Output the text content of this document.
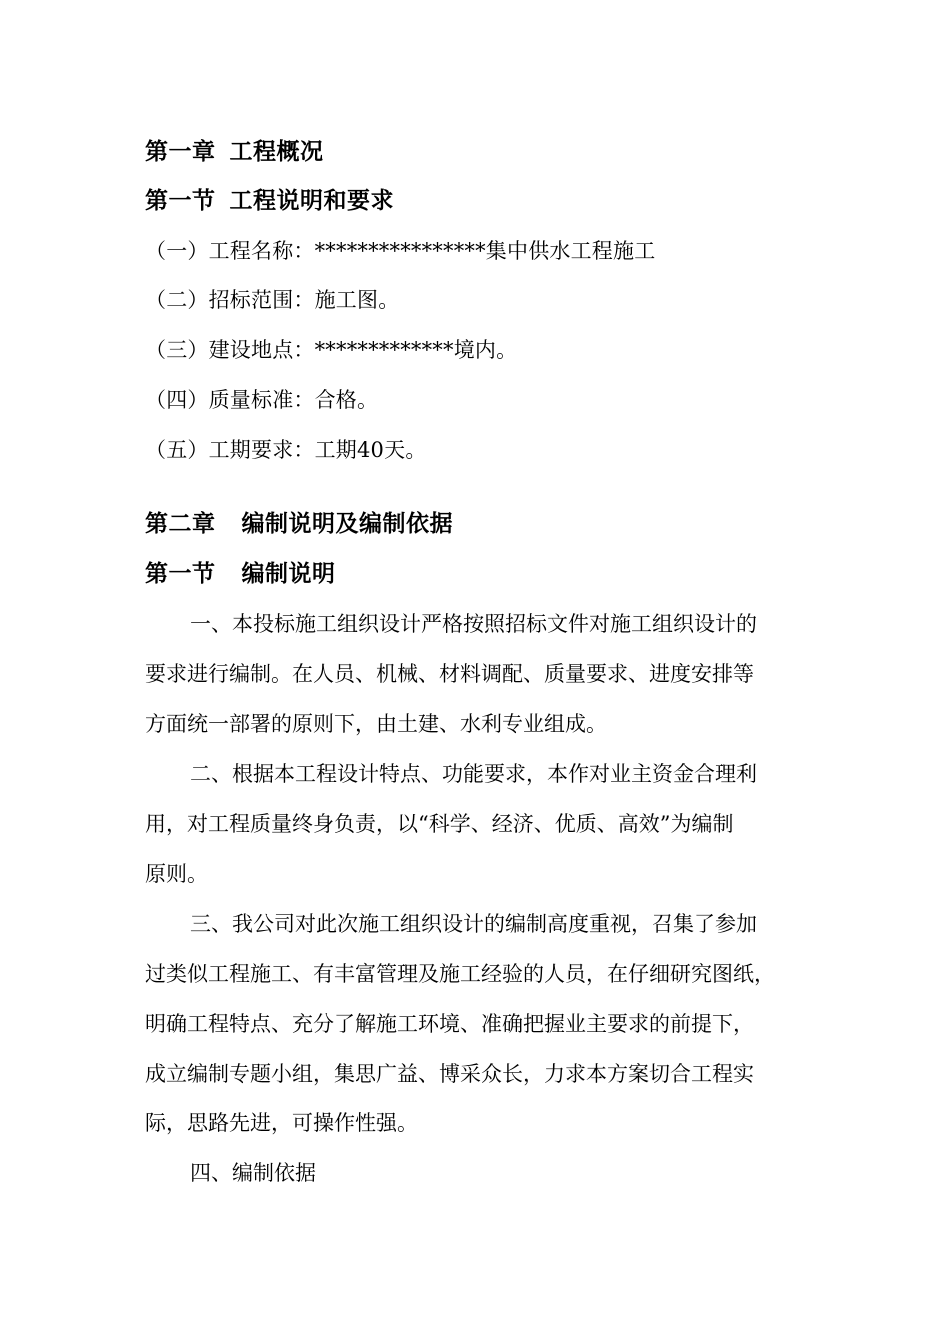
第一章 工程概况
第一节 工程说明和要求
（一）工程名称：****************集中供水工程施工
（二）招标范围：施工图。
（三）建设地点：*************境内。
（四）质量标准：合格。
（五）工期要求：工期40天。
第二章 编制说明及编制依据
第一节 编制说明
一、本投标施工组织设计严格按照招标文件对施工组织设计的
要求进行编制。在人员、机械、材料调配、质量要求、进度安排等
方面统一部署的原则下，由土建、水利专业组成。
二、根据本工程设计特点、功能要求，本作对业主资金合理利
用，对工程质量终身负责，以“科学、经济、优质、高效”为编制
原则。
三、我公司对此次施工组织设计的编制高度重视，召集了参加
过类似工程施工、有丰富管理及施工经验的人员，在仔细研究图纸，
明确工程特点、充分了解施工环境、准确把握业主要求的前提下，
成立编制专题小组，集思广益、博采众长，力求本方案切合工程实
际，思路先进，可操作性强。
四、编制依据
